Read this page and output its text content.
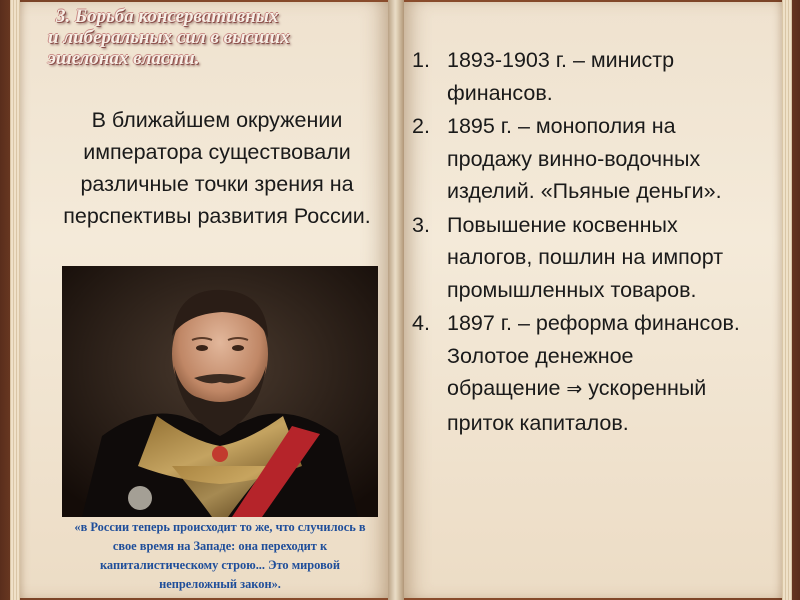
3. Борьба консервативных
и либеральных сил в высших
эшелонах власти.
В ближайшем окружении императора существовали различные точки зрения на перспективы развития России.
«в России теперь происходит то же, что случилось в свое время на Западе: она переходит к капиталистическому строю... Это мировой непреложный закон».
1. 1893-1903 г. – министр финансов.
2. 1895 г. – монополия на продажу винно-водочных изделий. «Пьяные деньги».
3. Повышение косвенных налогов, пошлин на импорт промышленных товаров.
4. 1897 г. – реформа финансов. Золотое денежное обращение ⇒ ускоренный приток капиталов.
